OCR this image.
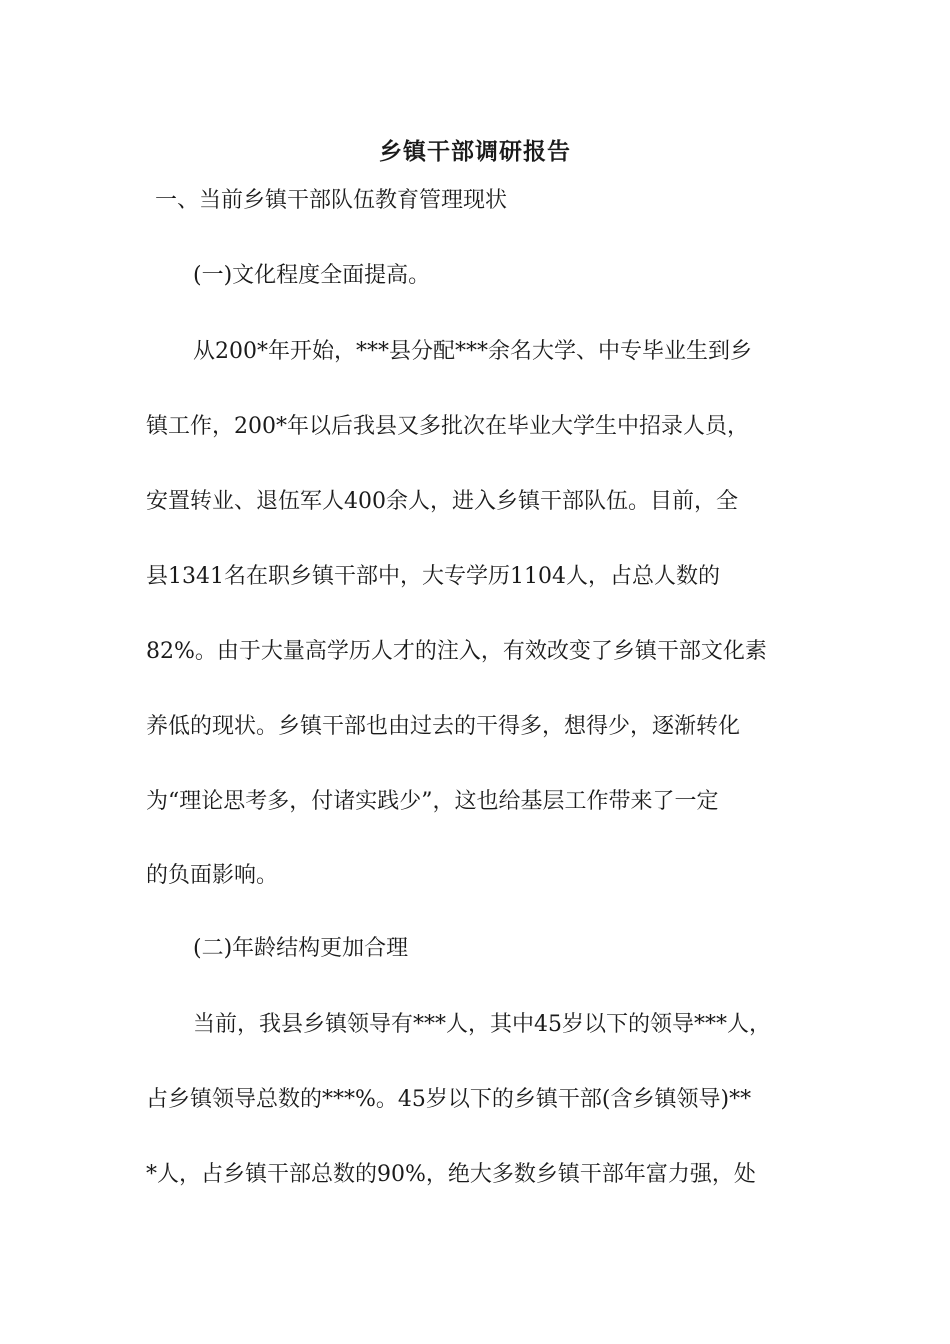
乡镇干部调研报告
一、当前乡镇干部队伍教育管理现状
(一)文化程度全面提高。
从200*年开始，***县分配***余名大学、中专毕业生到乡
镇工作，200*年以后我县又多批次在毕业大学生中招录人员，
安置转业、退伍军人400余人，进入乡镇干部队伍。目前，全
县1341名在职乡镇干部中，大专学历1104人，占总人数的
82%。由于大量高学历人才的注入，有效改变了乡镇干部文化素
养低的现状。乡镇干部也由过去的干得多，想得少，逐渐转化
为“理论思考多，付诸实践少”，这也给基层工作带来了一定
的负面影响。
(二)年龄结构更加合理
当前，我县乡镇领导有***人，其中45岁以下的领导***人，
占乡镇领导总数的***%。45岁以下的乡镇干部(含乡镇领导)**
*人，占乡镇干部总数的90%，绝大多数乡镇干部年富力强，处
